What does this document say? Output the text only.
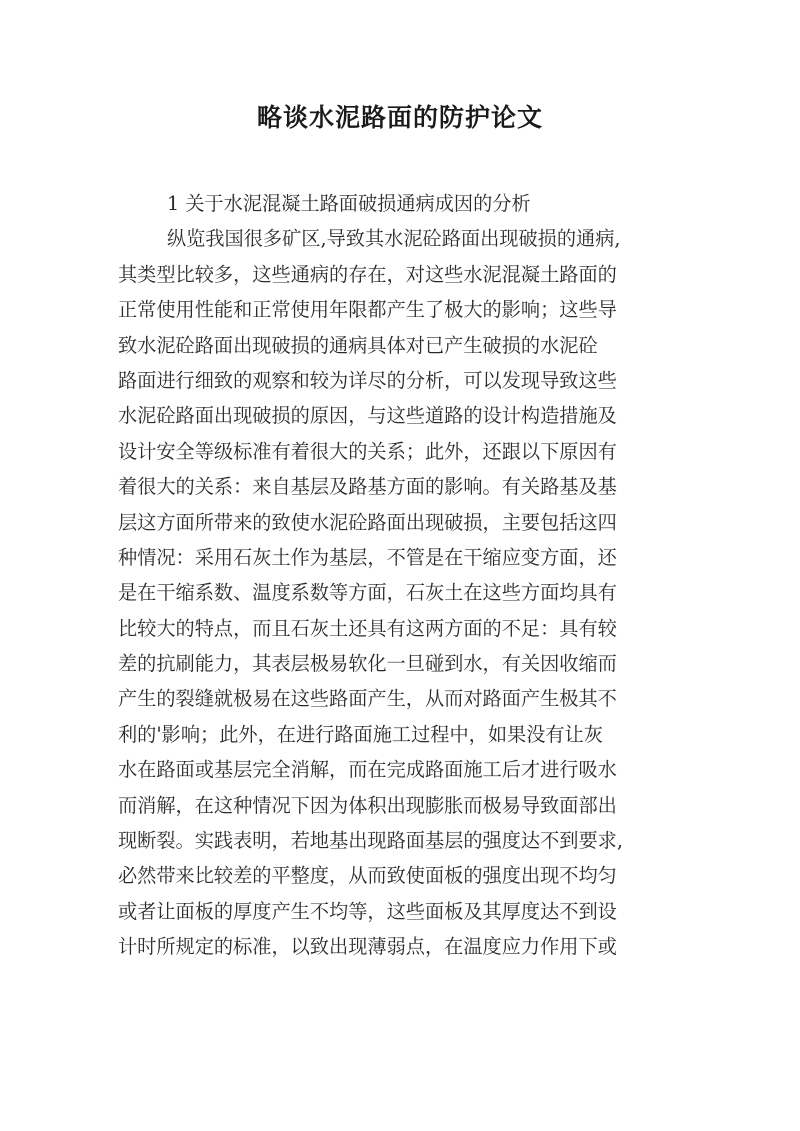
略谈水泥路面的防护论文
1 关于水泥混凝土路面破损通病成因的分析
纵览我国很多矿区,导致其水泥砼路面出现破损的通病,
其类型比较多，这些通病的存在，对这些水泥混凝土路面的
正常使用性能和正常使用年限都产生了极大的影响；这些导
致水泥砼路面出现破损的通病具体对已产生破损的水泥砼
路面进行细致的观察和较为详尽的分析，可以发现导致这些
水泥砼路面出现破损的原因，与这些道路的设计构造措施及
设计安全等级标准有着很大的关系；此外，还跟以下原因有
着很大的关系：来自基层及路基方面的影响。有关路基及基
层这方面所带来的致使水泥砼路面出现破损，主要包括这四
种情况：采用石灰土作为基层，不管是在干缩应变方面，还
是在干缩系数、温度系数等方面，石灰土在这些方面均具有
比较大的特点，而且石灰土还具有这两方面的不足：具有较
差的抗刷能力，其表层极易软化一旦碰到水，有关因收缩而
产生的裂缝就极易在这些路面产生，从而对路面产生极其不
利的'影响；此外，在进行路面施工过程中，如果没有让灰
水在路面或基层完全消解，而在完成路面施工后才进行吸水
而消解，在这种情况下因为体积出现膨胀而极易导致面部出
现断裂。实践表明，若地基出现路面基层的强度达不到要求,
必然带来比较差的平整度，从而致使面板的强度出现不均匀
或者让面板的厚度产生不均等，这些面板及其厚度达不到设
计时所规定的标准，以致出现薄弱点，在温度应力作用下或
